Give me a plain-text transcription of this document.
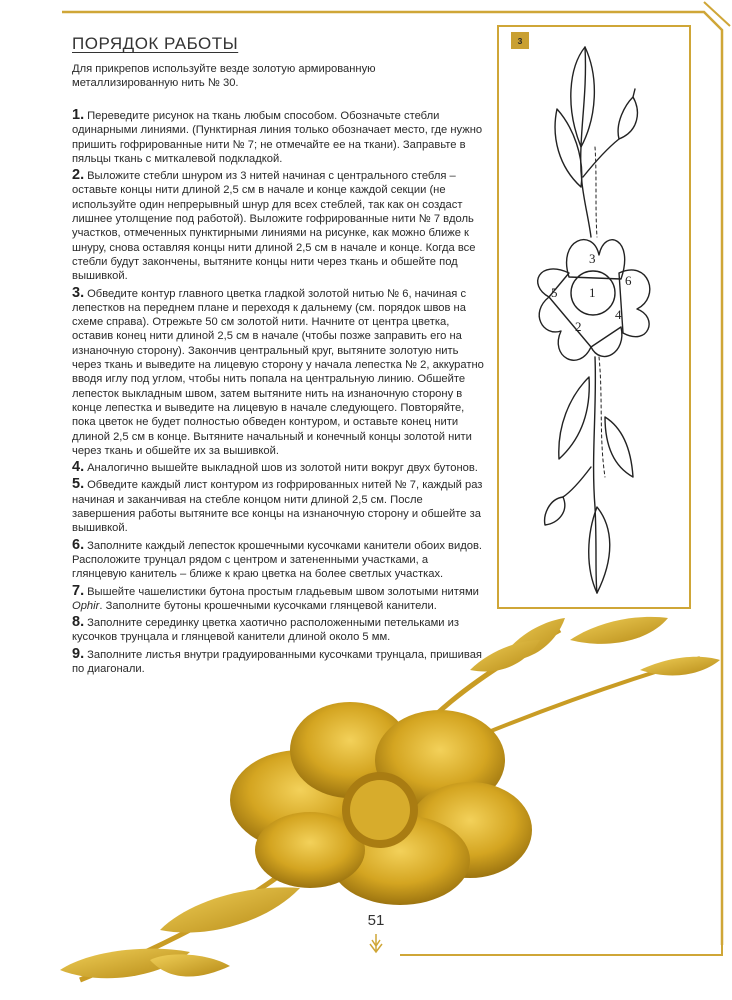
ПОРЯДОК РАБОТЫ
Для прикрепов используйте везде золотую армированную металлизированную нить № 30.

1. Переведите рисунок на ткань любым способом. Обозначьте стебли одинарными линиями. (Пунктирная линия только обозначает место, где нужно пришить гофрированные нити № 7; не отмечайте ее на ткани). Заправьте в пяльцы ткань с миткалевой подкладкой.

2. Выложите стебли шнуром из 3 нитей начиная с центрального стебля – оставьте концы нити длиной 2,5 см в начале и конце каждой секции (не используйте один непрерывный шнур для всех стеблей, так как он создаст лишнее утолщение под работой). Выложите гофрированные нити № 7 вдоль участков, отмеченных пунктирными линиями на рисунке, как можно ближе к шнуру, снова оставляя концы нити длиной 2,5 см в начале и конце. Когда все стебли будут закончены, вытяните концы нити через ткань и обшейте под вышивкой.

3. Обведите контур главного цветка гладкой золотой нитью № 6, начиная с лепестков на переднем плане и переходя к дальнему (см. порядок швов на схеме справа). Отрежьте 50 см золотой нити. Начните от центра цветка, оставив конец нити длиной 2,5 см в начале (чтобы позже заправить его на изнаночную сторону). Закончив центральный круг, вытяните золотую нить через ткань и выведите на лицевую сторону у начала лепестка № 2, аккуратно вводя иглу под углом, чтобы нить попала на центральную линию. Обшейте лепесток выкладным швом, затем вытяните нить на изнаночную сторону в конце лепестка и выведите на лицевую в начале следующего. Повторяйте, пока цветок не будет полностью обведен контуром, и оставьте конец нити длиной 2,5 см в конце. Вытяните начальный и конечный концы золотой нити через ткань и обшейте их за вышивкой.

4. Аналогично вышейте выкладной шов из золотой нити вокруг двух бутонов.

5. Обведите каждый лист контуром из гофрированных нитей № 7, каждый раз начиная и заканчивая на стебле концом нити длиной 2,5 см. После завершения работы вытяните все концы на изнаночную сторону и обшейте за вышивкой.

6. Заполните каждый лепесток крошечными кусочками канители обоих видов. Расположите трунцал рядом с центром и затененными участками, а глянцевую канитель – ближе к краю цветка на более светлых участках.

7. Вышейте чашелистики бутона простым гладьевым швом золотыми нитями Ophir. Заполните бутоны крошечными кусочками глянцевой канители.

8. Заполните серединку цветка хаотично расположенными петельками из кусочков трунцала и глянцевой канители длиной около 5 мм.

9. Заполните листья внутри градуированными кусочками трунцала, пришивая по диагонали.

3
1
2
3
4
5
6
51
